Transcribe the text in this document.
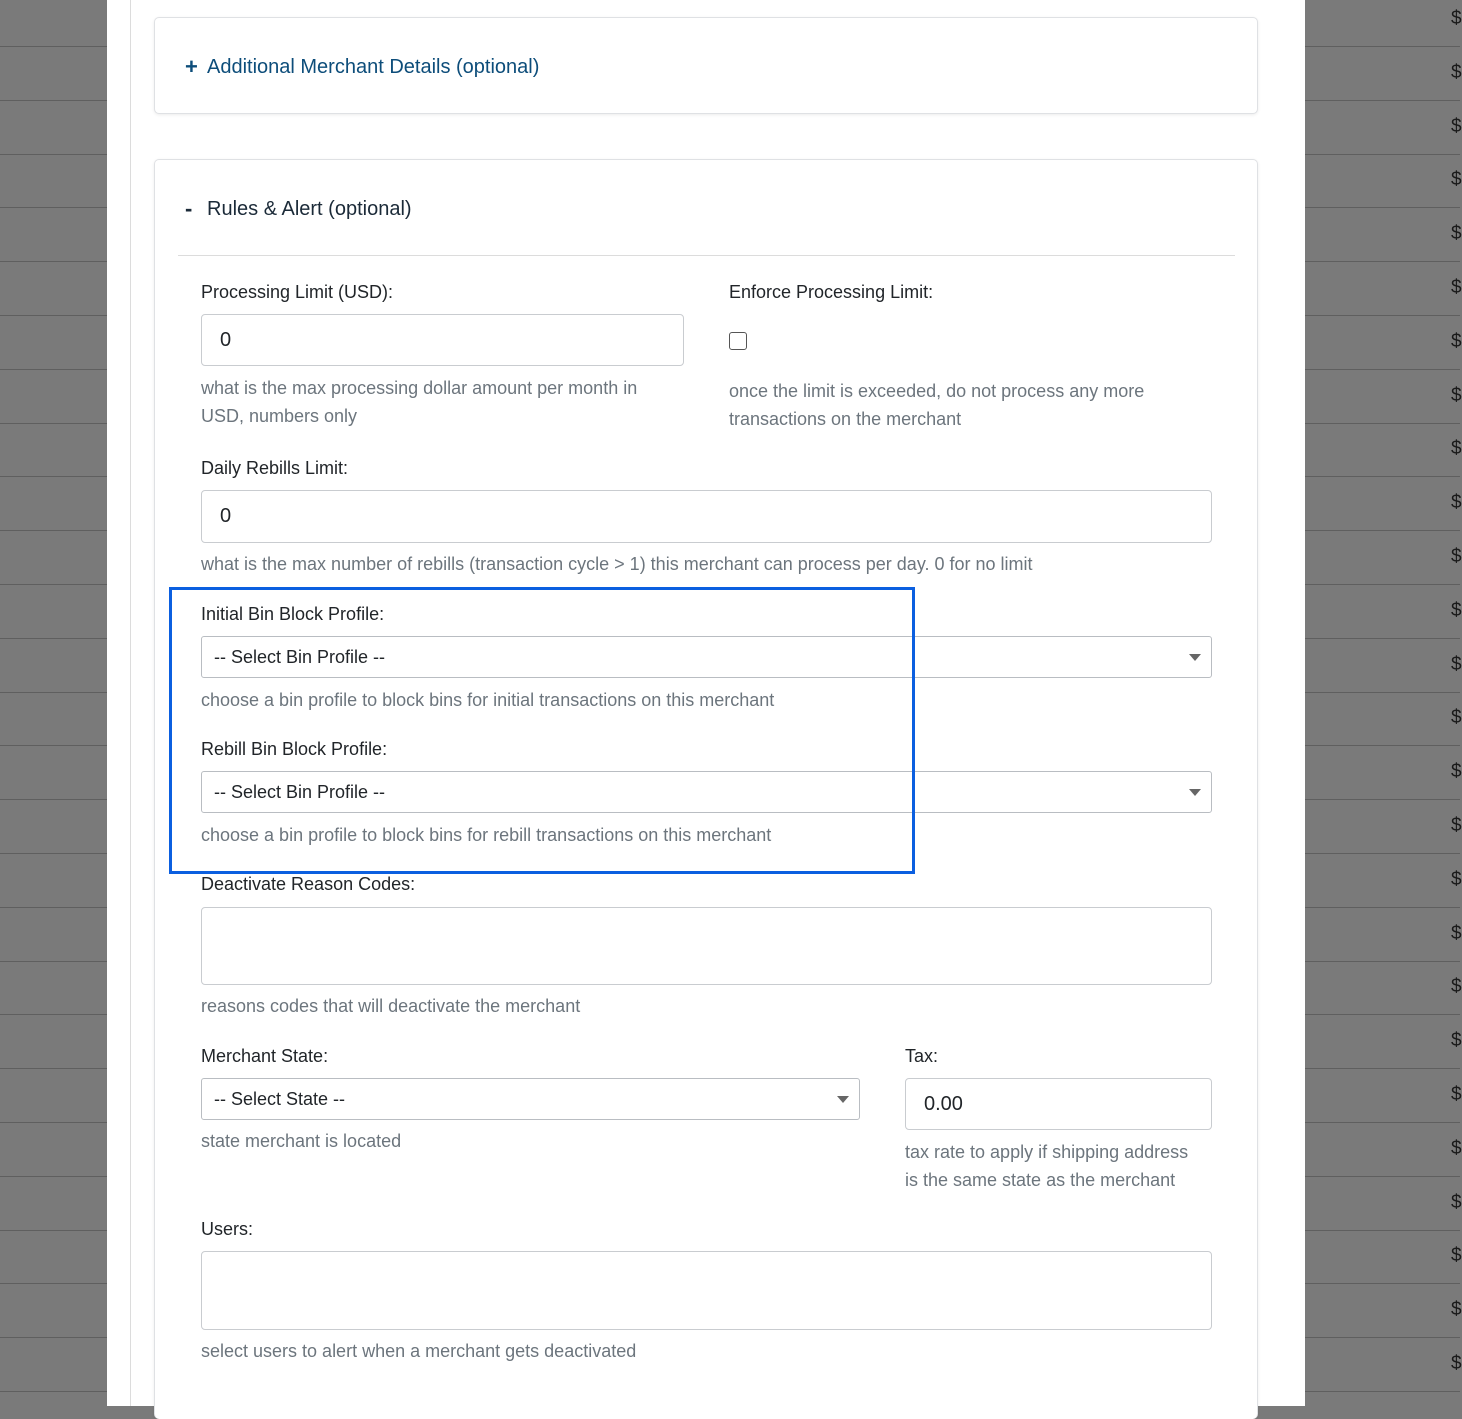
$
$
$
$
$
$
$
$
$
$
$
$
$
$
$
$
$
$
$
$
$
$
$
$
$
$
+ Additional Merchant Details (optional)
- Rules & Alert (optional)
Processing Limit (USD):
0
what is the max processing dollar amount per month in
USD, numbers only
Enforce Processing Limit:
once the limit is exceeded, do not process any more
transactions on the merchant
Daily Rebills Limit:
0
what is the max number of rebills (transaction cycle > 1) this merchant can process per day. 0 for no limit
Initial Bin Block Profile:
-- Select Bin Profile --
choose a bin profile to block bins for initial transactions on this merchant
Rebill Bin Block Profile:
-- Select Bin Profile --
choose a bin profile to block bins for rebill transactions on this merchant
Deactivate Reason Codes:
reasons codes that will deactivate the merchant
Merchant State:
-- Select State --
state merchant is located
Tax:
0.00
tax rate to apply if shipping address
is the same state as the merchant
Users:
select users to alert when a merchant gets deactivated
